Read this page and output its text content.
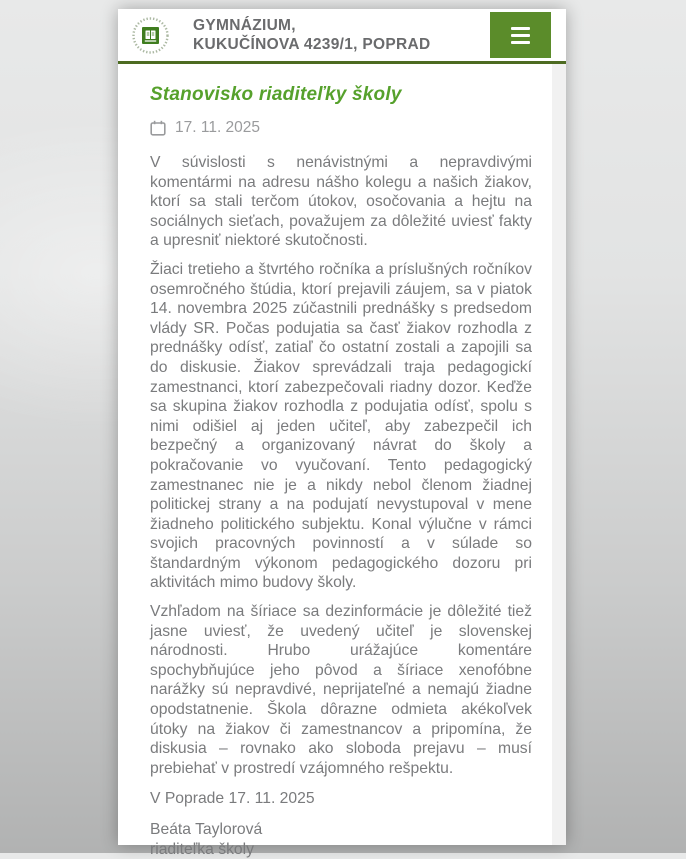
GYMNÁZIUM,
KUKUČÍNOVA 4239/1, POPRAD
Stanovisko riaditeľky školy
17. 11. 2025

V súvislosti s nenávistnými a nepravdivými komentármi na adresu nášho kolegu a našich žiakov, ktorí sa stali terčom útokov, osočovania a hejtu na sociálnych sieťach, považujem za dôležité uviesť fakty a upresniť niektoré skutočnosti.

Žiaci tretieho a štvrtého ročníka a príslušných ročníkov osemročného štúdia, ktorí prejavili záujem, sa v piatok 14. novembra 2025 zúčastnili prednášky s predsedom vlády SR. Počas podujatia sa časť žiakov rozhodla z prednášky odísť, zatiaľ čo ostatní zostali a zapojili sa do diskusie. Žiakov sprevádzali traja pedagogickí zamestnanci, ktorí zabezpečovali riadny dozor. Keďže sa skupina žiakov rozhodla z podujatia odísť, spolu s nimi odišiel aj jeden učiteľ, aby zabezpečil ich bezpečný a organizovaný návrat do školy a pokračovanie vo vyučovaní. Tento pedagogický zamestnanec nie je a nikdy nebol členom žiadnej politickej strany a na podujatí nevystupoval v mene žiadneho politického subjektu. Konal výlučne v rámci svojich pracovných povinností a v súlade so štandardným výkonom pedagogického dozoru pri aktivitách mimo budovy školy.

Vzhľadom na šíriace sa dezinformácie je dôležité tiež jasne uviesť, že uvedený učiteľ je slovenskej národnosti. Hrubo urážajúce komentáre spochybňujúce jeho pôvod a šíriace xenofóbne narážky sú nepravdivé, neprijateľné a nemajú žiadne opodstatnenie. Škola dôrazne odmieta akékoľvek útoky na žiakov či zamestnancov a pripomína, že diskusia – rovnako ako sloboda prejavu – musí prebiehať v prostredí vzájomného rešpektu.

V Poprade 17. 11. 2025

Beáta Taylorová
riaditeľka školy
